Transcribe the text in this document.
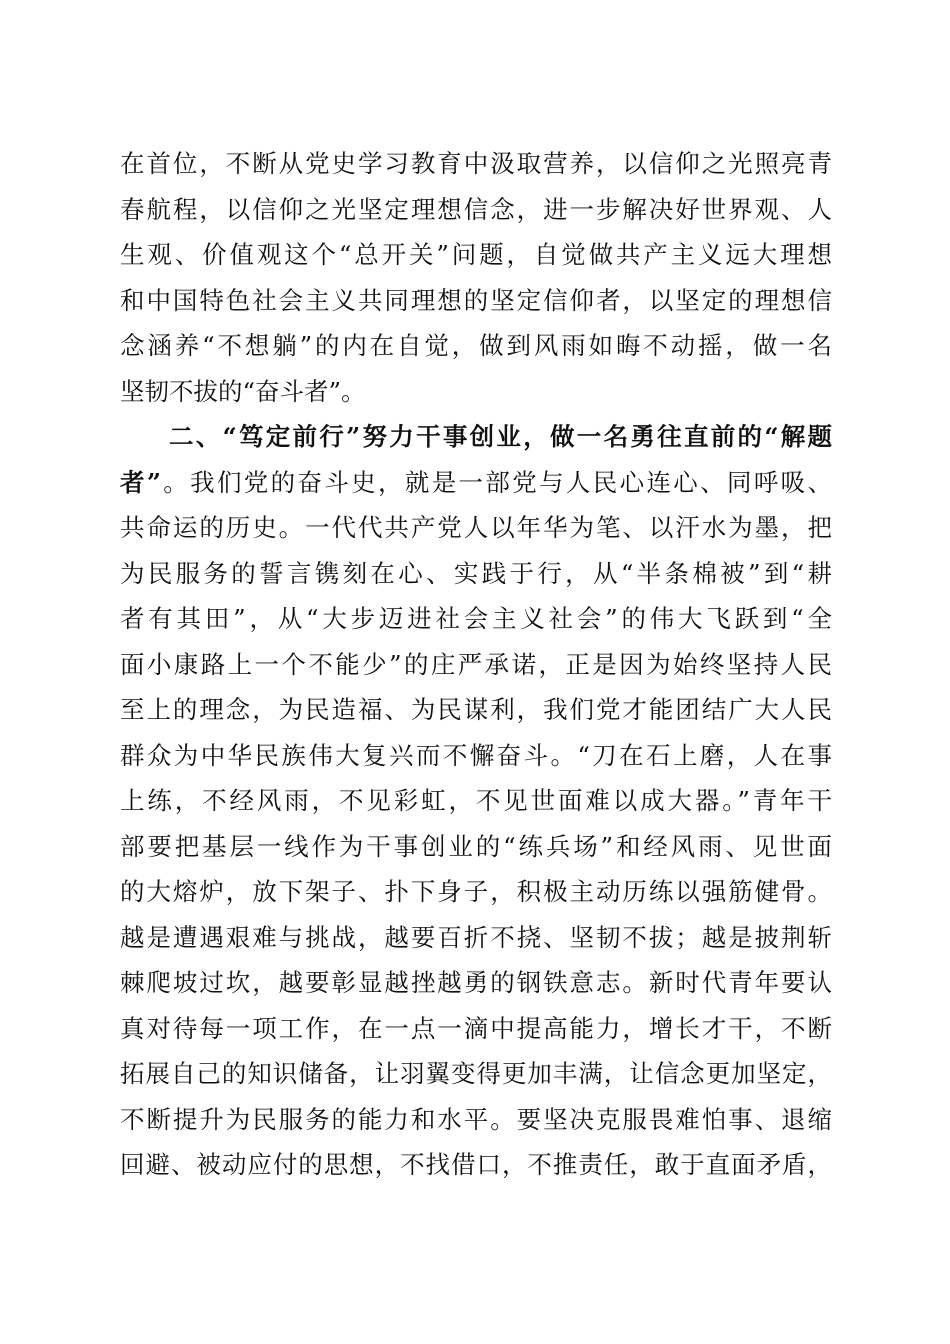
在首位，不断从党史学习教育中汲取营养，以信仰之光照亮青
春航程，以信仰之光坚定理想信念，进一步解决好世界观、人
生观、价值观这个“总开关”问题，自觉做共产主义远大理想
和中国特色社会主义共同理想的坚定信仰者，以坚定的理想信
念涵养“不想躺”的内在自觉，做到风雨如晦不动摇，做一名
坚韧不拔的“奋斗者”。
二、“笃定前行”努力干事创业，做一名勇往直前的“解题
者”。我们党的奋斗史，就是一部党与人民心连心、同呼吸、
共命运的历史。一代代共产党人以年华为笔、以汗水为墨，把
为民服务的誓言镌刻在心、实践于行，从“半条棉被”到“耕
者有其田”，从“大步迈进社会主义社会”的伟大飞跃到“全
面小康路上一个不能少”的庄严承诺，正是因为始终坚持人民
至上的理念，为民造福、为民谋利，我们党才能团结广大人民
群众为中华民族伟大复兴而不懈奋斗。“刀在石上磨，人在事
上练，不经风雨，不见彩虹，不见世面难以成大器。”青年干
部要把基层一线作为干事创业的“练兵场”和经风雨、见世面
的大熔炉，放下架子、扑下身子，积极主动历练以强筋健骨。
越是遭遇艰难与挑战，越要百折不挠、坚韧不拔；越是披荆斩
棘爬坡过坎，越要彰显越挫越勇的钢铁意志。新时代青年要认
真对待每一项工作，在一点一滴中提高能力，增长才干，不断
拓展自己的知识储备，让羽翼变得更加丰满，让信念更加坚定，
不断提升为民服务的能力和水平。要坚决克服畏难怕事、退缩
回避、被动应付的思想，不找借口，不推责任，敢于直面矛盾，
